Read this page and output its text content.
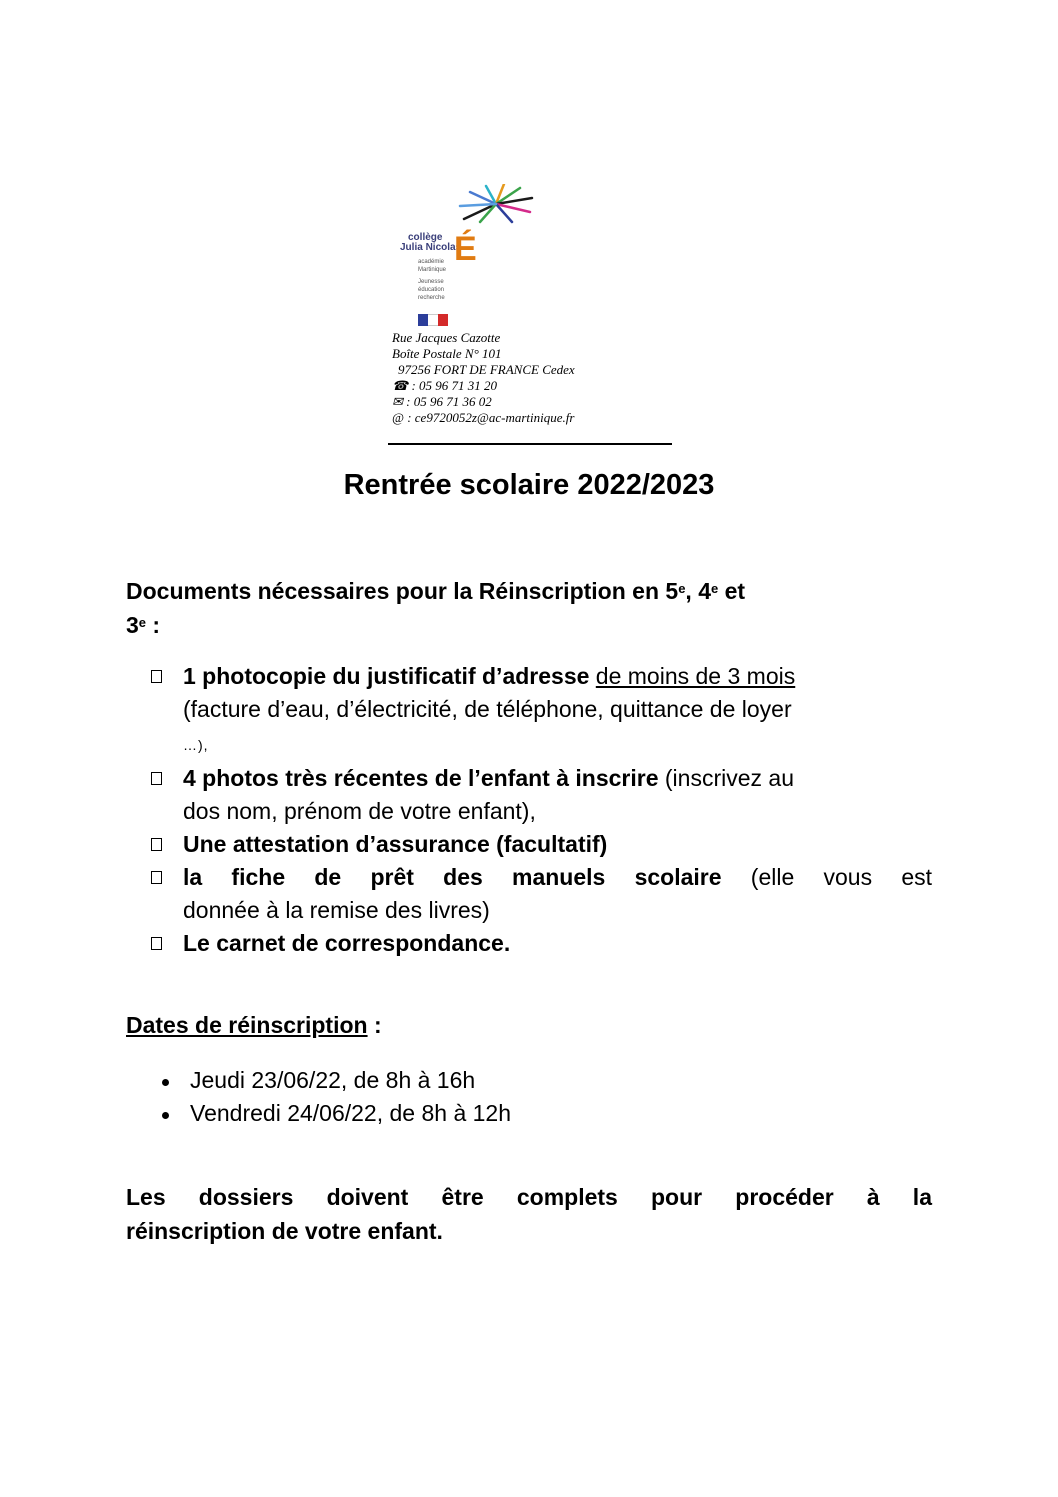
collège
Julia Nicolas
É
académie
Martinique
Jeunesse
éducation
recherche
Rue Jacques Cazotte
Boîte Postale N° 101
97256 FORT DE FRANCE Cedex
☎ : 05 96 71 31 20
✉ : 05 96 71 36 02
@ : ce9720052z@ac-martinique.fr
Rentrée scolaire 2022/2023
Documents nécessaires pour la Réinscription en 5e, 4e et
3e :
1 photocopie du justificatif d’adresse de moins de 3 mois
(facture d’eau, d’électricité, de téléphone, quittance de loyer
…),
4 photos très récentes de l’enfant à inscrire (inscrivez au
dos nom, prénom de votre enfant),
Une attestation d’assurance (facultatif)
la fiche de prêt des manuels scolaire (elle vous est
donnée à la remise des livres)
Le carnet de correspondance.
Dates de réinscription :
Jeudi 23/06/22, de 8h à 16h
Vendredi 24/06/22, de 8h à 12h

Les dossiers doivent être complets pour procéder à la
réinscription de votre enfant.
